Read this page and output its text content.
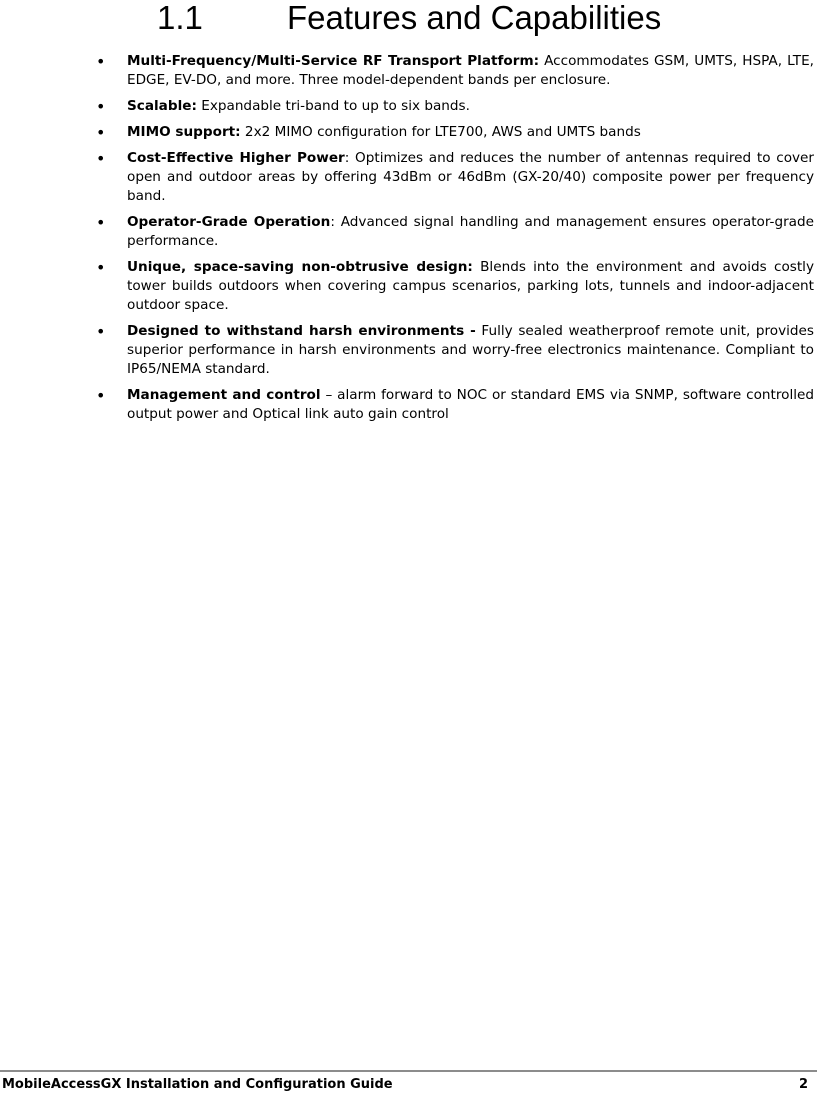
1.1	Features and Capabilities
• Multi-Frequency/Multi-Service RF Transport Platform: Accommodates GSM, UMTS, HSPA, LTE, EDGE, EV-DO, and more. Three model-dependent bands per enclosure.
• Scalable: Expandable tri-band to up to six bands.
• MIMO support: 2x2 MIMO configuration for LTE700, AWS and UMTS bands
• Cost-Effective Higher Power: Optimizes and reduces the number of antennas required to cover open and outdoor areas by offering 43dBm or 46dBm (GX-20/40) composite power per frequency band.
• Operator-Grade Operation: Advanced signal handling and management ensures operator-grade performance.
• Unique, space-saving non-obtrusive design: Blends into the environment and avoids costly tower builds outdoors when covering campus scenarios, parking lots, tunnels and indoor-adjacent outdoor space.
• Designed to withstand harsh environments - Fully sealed weatherproof remote unit, provides superior performance in harsh environments and worry-free electronics maintenance. Compliant to IP65/NEMA standard.
• Management and control – alarm forward to NOC or standard EMS via SNMP, software controlled output power and Optical link auto gain control
MobileAccessGX Installation and Configuration Guide	2
